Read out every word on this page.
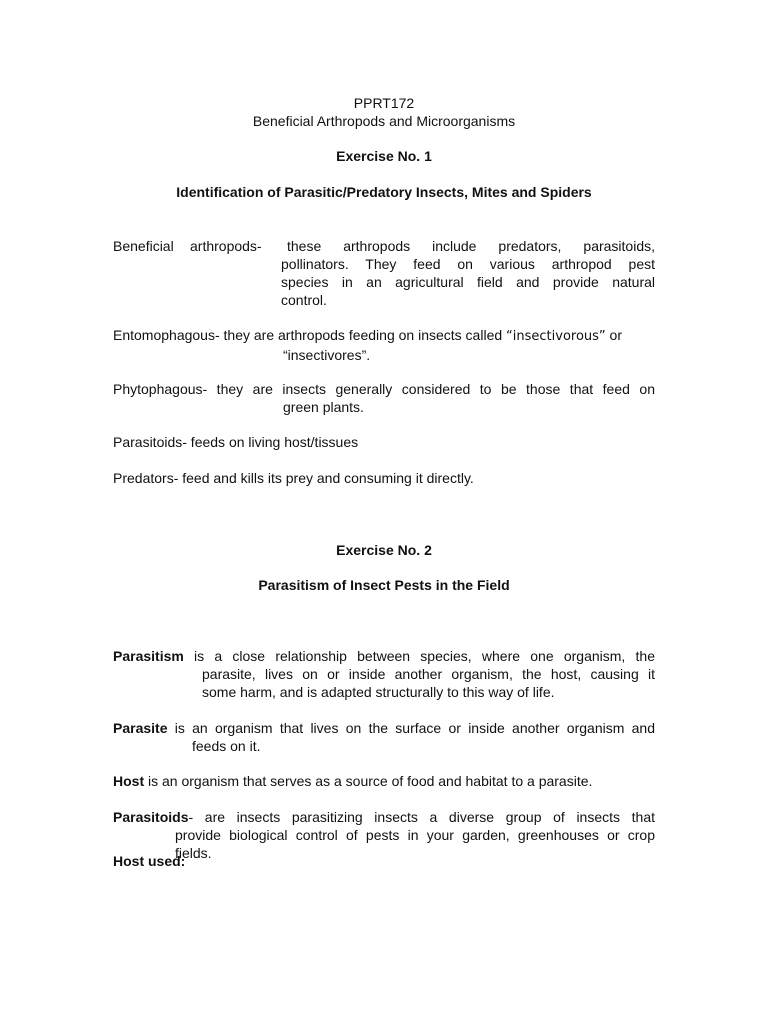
PPRT172
Beneficial Arthropods and Microorganisms
Exercise No. 1
Identification of Parasitic/Predatory Insects, Mites and Spiders
Beneficial arthropods- these arthropods include predators, parasitoids,
pollinators. They feed on various arthropod pest
species in an agricultural field and provide natural
control.
Entomophagous- they are arthropods feeding on insects called “insectivorous” or
“insectivores”.
Phytophagous- they are insects generally considered to be those that feed on
green plants.
Parasitoids- feeds on living host/tissues
Predators- feed and kills its prey and consuming it directly.
Exercise No. 2
Parasitism of Insect Pests in the Field
Parasitism is a close relationship between species, where one organism, the
parasite, lives on or inside another organism, the host, causing it
some harm, and is adapted structurally to this way of life.
Parasite is an organism that lives on the surface or inside another organism and
feeds on it.
Host is an organism that serves as a source of food and habitat to a parasite.
Parasitoids- are insects parasitizing insects a diverse group of insects that
provide biological control of pests in your garden, greenhouses or crop
fields.
Host used:
